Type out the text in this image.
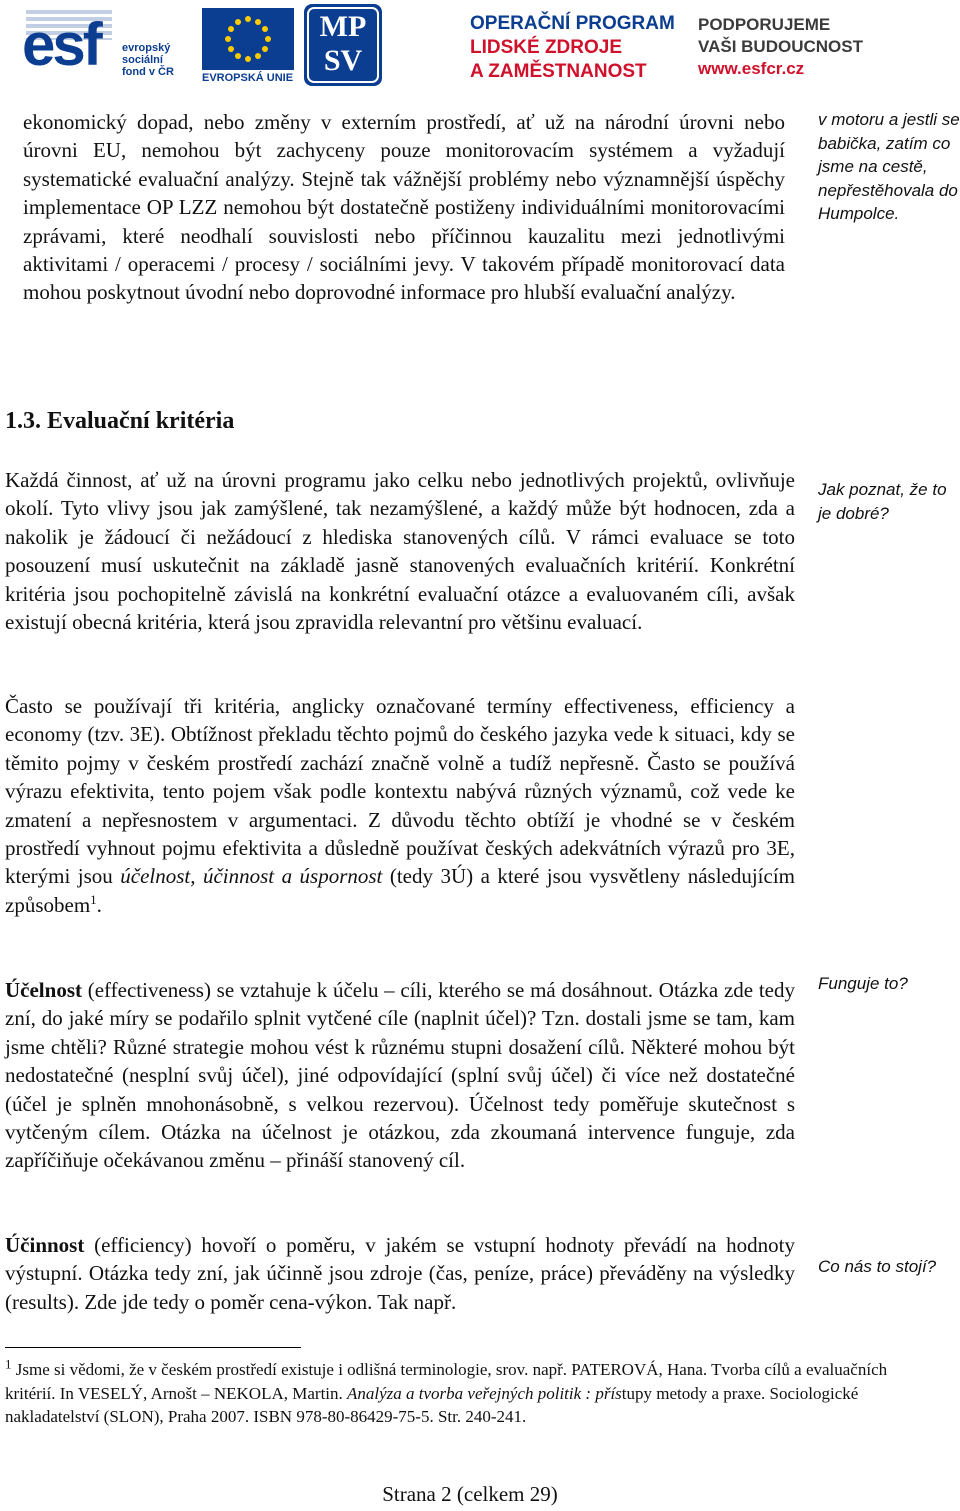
esf evropský
sociální
fond v ČR	EVROPSKÁ UNIE
MP
SV
OPERAČNÍ PROGRAM
LIDSKÉ ZDROJE
A ZAMĚSTNANOST
PODPORUJEME
VAŠI BUDOUCNOST
www.esfcr.cz

ekonomický dopad, nebo změny v externím prostředí, ať už na národní úrovni nebo úrovni EU, nemohou být zachyceny pouze monitorovacím systémem a vyžadují systematické evaluační analýzy. Stejně tak vážnější problémy nebo významnější úspěchy implementace OP LZZ nemohou být dostatečně postiženy individuálními monitorovacími zprávami, které neodhalí souvislosti nebo příčinnou kauzalitu mezi jednotlivými aktivitami / operacemi / procesy / sociálními jevy. V takovém případě monitorovací data mohou poskytnout úvodní nebo doprovodné informace pro hlubší evaluační analýzy.

v motoru a jestli se babička, zatím co jsme na cestě, nepřestěhovala do Humpolce.
1.3. Evaluační kritéria

Každá činnost, ať už na úrovni programu jako celku nebo jednotlivých projektů, ovlivňuje okolí. Tyto vlivy jsou jak zamýšlené, tak nezamýšlené, a každý může být hodnocen, zda a nakolik je žádoucí či nežádoucí z hlediska stanovených cílů. V rámci evaluace se toto posouzení musí uskutečnit na základě jasně stanovených evaluačních kritérií. Konkrétní kritéria jsou pochopitelně závislá na konkrétní evaluační otázce a evaluovaném cíli, avšak existují obecná kritéria, která jsou zpravidla relevantní pro většinu evaluací.

Jak poznat, že to je dobré?

Často se používají tři kritéria, anglicky označované termíny effectiveness, efficiency a economy (tzv. 3E). Obtížnost překladu těchto pojmů do českého jazyka vede k situaci, kdy se těmito pojmy v českém prostředí zachází značně volně a tudíž nepřesně. Často se používá výrazu efektivita, tento pojem však podle kontextu nabývá různých významů, což vede ke zmatení a nepřesnostem v argumentaci. Z důvodu těchto obtíží je vhodné se v českém prostředí vyhnout pojmu efektivita a důsledně používat českých adekvátních výrazů pro 3E, kterými jsou účelnost, účinnost a úspornost (tedy 3Ú) a které jsou vysvětleny následujícím způsobem$^1$.

Účelnost (effectiveness) se vztahuje k účelu – cíli, kterého se má dosáhnout. Otázka zde tedy zní, do jaké míry se podařilo splnit vytčené cíle (naplnit účel)? Tzn. dostali jsme se tam, kam jsme chtěli? Různé strategie mohou vést k různému stupni dosažení cílů. Některé mohou být nedostatečné (nesplní svůj účel), jiné odpovídající (splní svůj účel) či více než dostatečné (účel je splněn mnohonásobně, s velkou rezervou). Účelnost tedy poměřuje skutečnost s vytčeným cílem. Otázka na účelnost je otázkou, zda zkoumaná intervence funguje, zda zapříčiňuje očekávanou změnu – přináší stanovený cíl.

Funguje to?

Účinnost (efficiency) hovoří o poměru, v jakém se vstupní hodnoty převádí na hodnoty výstupní. Otázka tedy zní, jak účinně jsou zdroje (čas, peníze, práce) převáděny na výsledky (results). Zde jde tedy o poměr cena-výkon. Tak např.

Co nás to stojí?

$^1$ Jsme si vědomi, že v českém prostředí existuje i odlišná terminologie, srov. např. PATEROVÁ, Hana. Tvorba cílů a evaluačních kritérií. In VESELÝ, Arnošt – NEKOLA, Martin. Analýza a tvorba veřejných politik : přístupy metody a praxe. Sociologické nakladatelství (SLON), Praha 2007. ISBN 978-80-86429-75-5. Str. 240-241.

Strana 2 (celkem 29)
